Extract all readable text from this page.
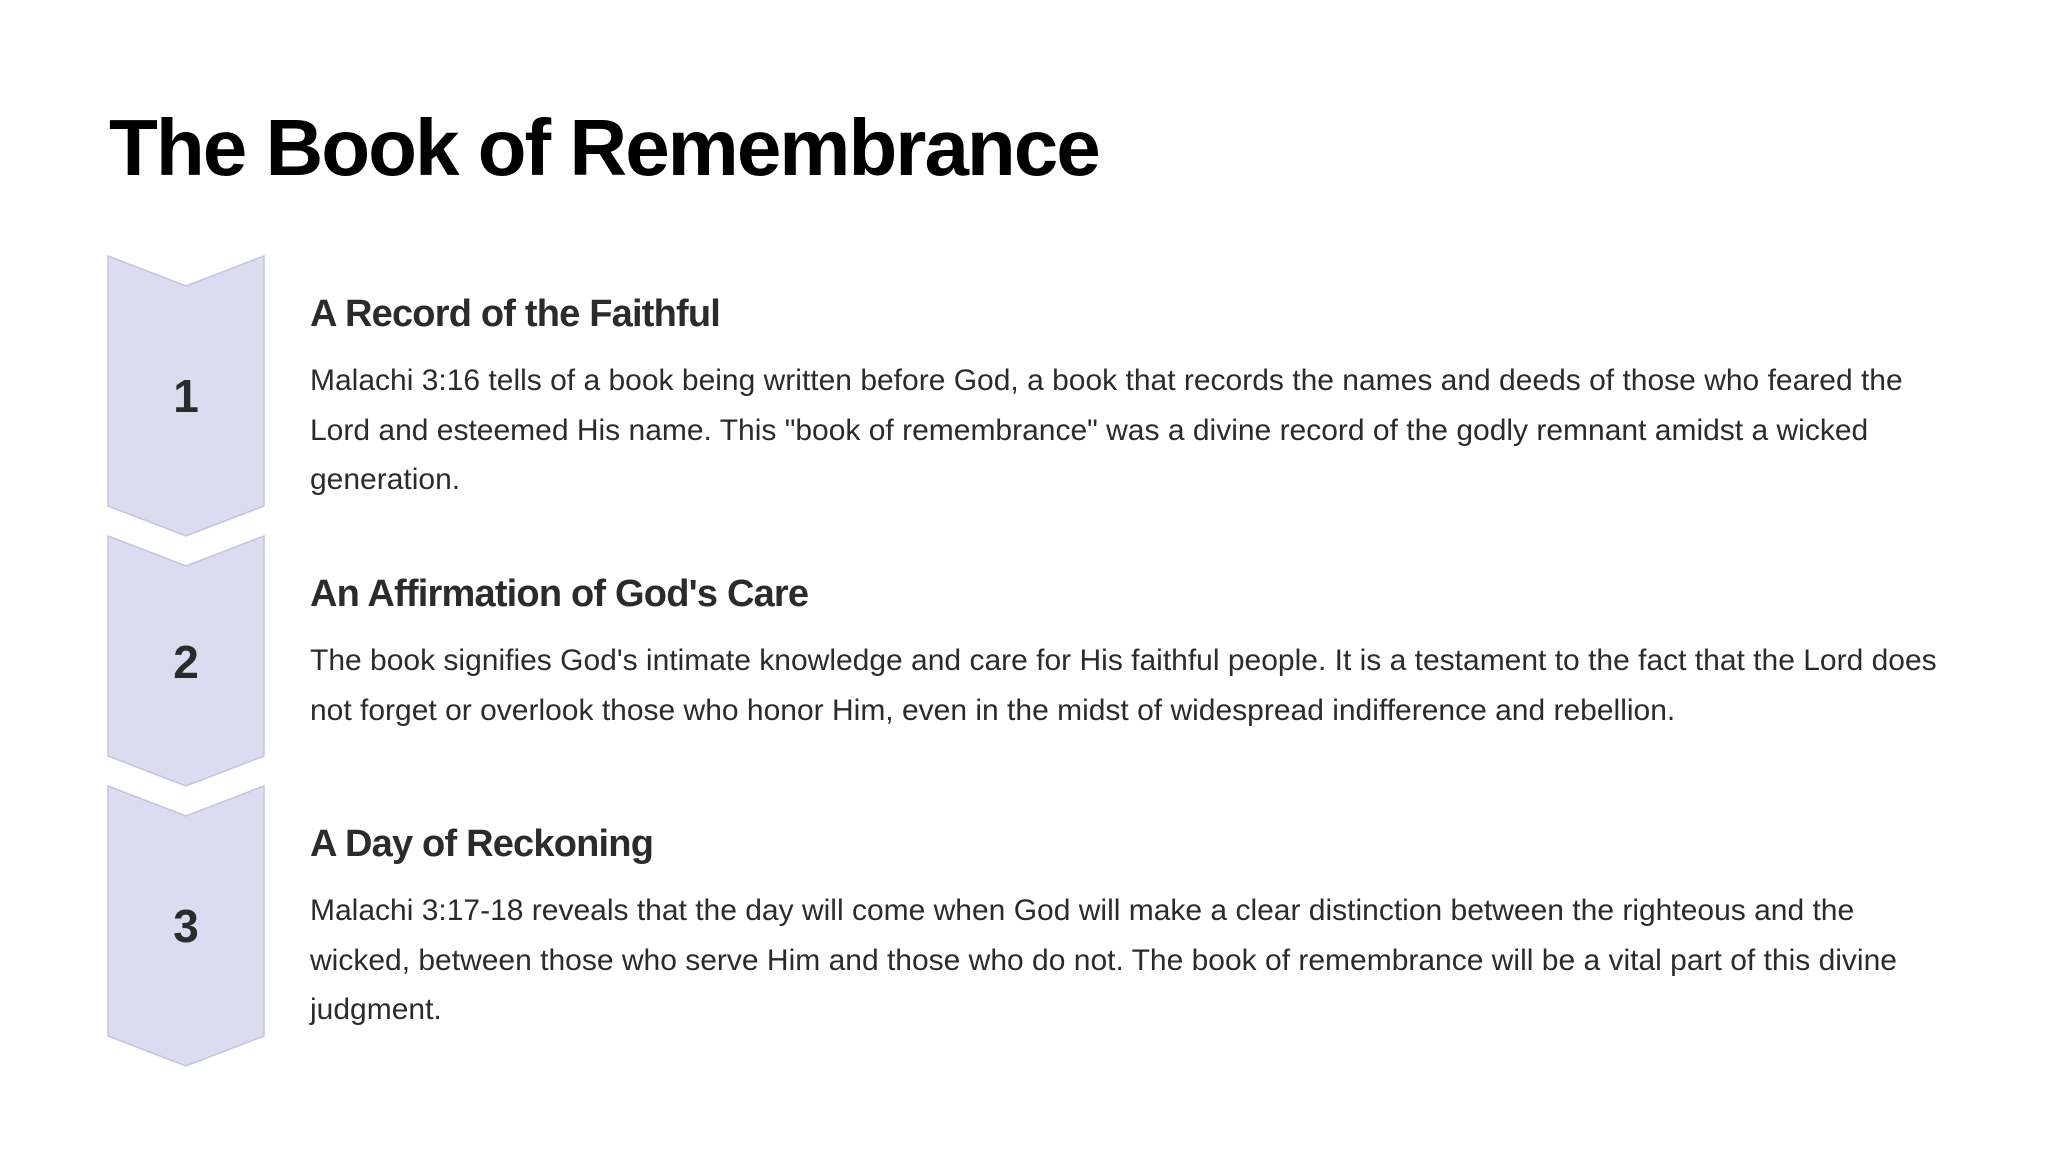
The Book of Remembrance
1
A Record of the Faithful

Malachi 3:16 tells of a book being written before God, a book that records the names and deeds of those who feared the Lord and esteemed His name. This "book of remembrance" was a divine record of the godly remnant amidst a wicked generation.

2
An Affirmation of God's Care

The book signifies God's intimate knowledge and care for His faithful people. It is a testament to the fact that the Lord does not forget or overlook those who honor Him, even in the midst of widespread indifference and rebellion.

3
A Day of Reckoning

Malachi 3:17-18 reveals that the day will come when God will make a clear distinction between the righteous and the wicked, between those who serve Him and those who do not. The book of remembrance will be a vital part of this divine judgment.
